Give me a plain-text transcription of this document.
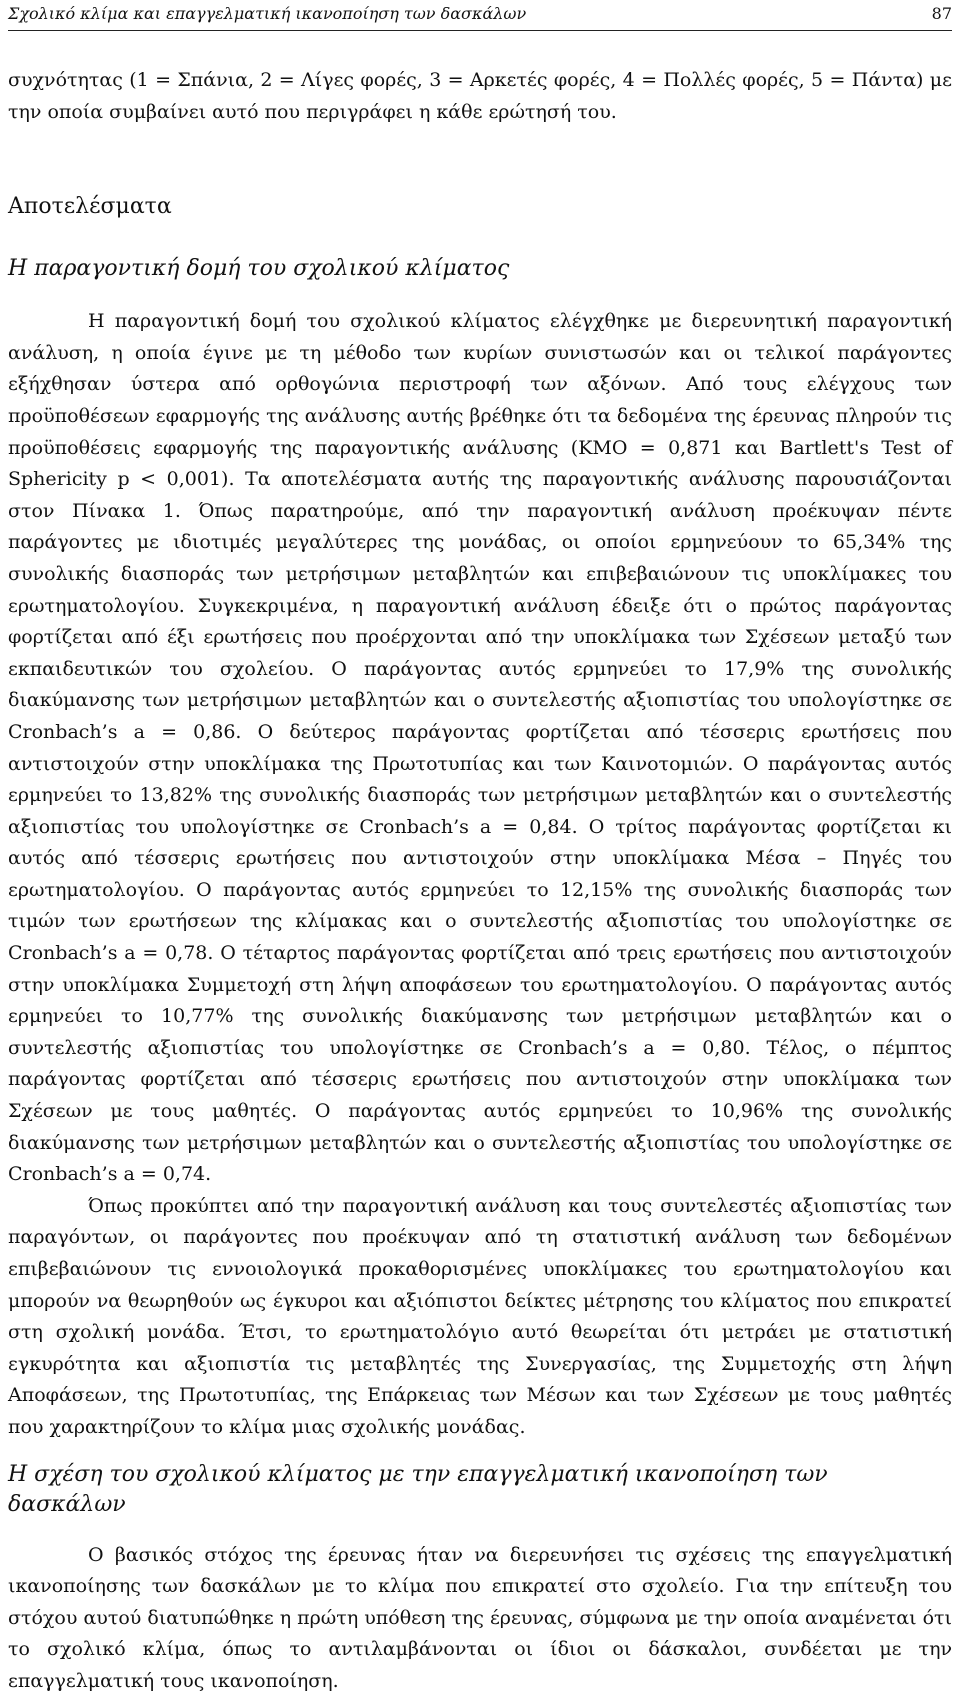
Σχολικό κλίμα και επαγγελματική ικανοποίηση των δασκάλων	87

συχνότητας (1 = Σπάνια, 2 = Λίγες φορές, 3 = Αρκετές φορές, 4 = Πολλές φορές, 5 = Πάντα) με την οποία συμβαίνει αυτό που περιγράφει η κάθε ερώτησή του.

Αποτελέσματα
Η παραγοντική δομή του σχολικού κλίματος

Η παραγοντική δομή του σχολικού κλίματος ελέγχθηκε με διερευνητική παραγοντική ανάλυση, η οποία έγινε με τη μέθοδο των κυρίων συνιστωσών και οι τελικοί παράγοντες εξήχθησαν ύστερα από ορθογώνια περιστροφή των αξόνων. Από τους ελέγχους των προϋποθέσεων εφαρμογής της ανάλυσης αυτής βρέθηκε ότι τα δεδομένα της έρευνας πληρούν τις προϋποθέσεις εφαρμογής της παραγοντικής ανάλυσης (ΚΜΟ = 0,871 και Bartlett's Test of Sphericity p < 0,001). Τα αποτελέσματα αυτής της παραγοντικής ανάλυσης παρουσιάζονται στον Πίνακα 1. Όπως παρατηρούμε, από την παραγοντική ανάλυση προέκυψαν πέντε παράγοντες με ιδιοτιμές μεγαλύτερες της μονάδας, οι οποίοι ερμηνεύουν το 65,34% της συνολικής διασποράς των μετρήσιμων μεταβλητών και επιβεβαιώνουν τις υποκλίμακες του ερωτηματολογίου. Συγκεκριμένα, η παραγοντική ανάλυση έδειξε ότι ο πρώτος παράγοντας φορτίζεται από έξι ερωτήσεις που προέρχονται από την υποκλίμακα των Σχέσεων μεταξύ των εκπαιδευτικών του σχολείου. Ο παράγοντας αυτός ερμηνεύει το 17,9% της συνολικής διακύμανσης των μετρήσιμων μεταβλητών και ο συντελεστής αξιοπιστίας του υπολογίστηκε σε Cronbach’s a = 0,86. Ο δεύτερος παράγοντας φορτίζεται από τέσσερις ερωτήσεις που αντιστοιχούν στην υποκλίμακα της Πρωτοτυπίας και των Καινοτομιών. Ο παράγοντας αυτός ερμηνεύει το 13,82% της συνολικής διασποράς των μετρήσιμων μεταβλητών και ο συντελεστής αξιοπιστίας του υπολογίστηκε σε Cronbach’s a = 0,84. Ο τρίτος παράγοντας φορτίζεται κι αυτός από τέσσερις ερωτήσεις που αντιστοιχούν στην υποκλίμακα Μέσα – Πηγές του ερωτηματολογίου. Ο παράγοντας αυτός ερμηνεύει το 12,15% της συνολικής διασποράς των τιμών των ερωτήσεων της κλίμακας και ο συντελεστής αξιοπιστίας του υπολογίστηκε σε Cronbach’s a = 0,78. Ο τέταρτος παράγοντας φορτίζεται από τρεις ερωτήσεις που αντιστοιχούν στην υποκλίμακα Συμμετοχή στη λήψη αποφάσεων του ερωτηματολογίου. Ο παράγοντας αυτός ερμηνεύει το 10,77% της συνολικής διακύμανσης των μετρήσιμων μεταβλητών και ο συντελεστής αξιοπιστίας του υπολογίστηκε σε Cronbach’s a = 0,80. Τέλος, ο πέμπτος παράγοντας φορτίζεται από τέσσερις ερωτήσεις που αντιστοιχούν στην υποκλίμακα των Σχέσεων με τους μαθητές. Ο παράγοντας αυτός ερμηνεύει το 10,96% της συνολικής διακύμανσης των μετρήσιμων μεταβλητών και ο συντελεστής αξιοπιστίας του υπολογίστηκε σε Cronbach’s a = 0,74.

Όπως προκύπτει από την παραγοντική ανάλυση και τους συντελεστές αξιοπιστίας των παραγόντων, οι παράγοντες που προέκυψαν από τη στατιστική ανάλυση των δεδομένων επιβεβαιώνουν τις εννοιολογικά προκαθορισμένες υποκλίμακες του ερωτηματολογίου και μπορούν να θεωρηθούν ως έγκυροι και αξιόπιστοι δείκτες μέτρησης του κλίματος που επικρατεί στη σχολική μονάδα. Έτσι, το ερωτηματολόγιο αυτό θεωρείται ότι μετράει με στατιστική εγκυρότητα και αξιοπιστία τις μεταβλητές της Συνεργασίας, της Συμμετοχής στη λήψη Αποφάσεων, της Πρωτοτυπίας, της Επάρκειας των Μέσων και των Σχέσεων με τους μαθητές που χαρακτηρίζουν το κλίμα μιας σχολικής μονάδας.

Η σχέση του σχολικού κλίματος με την επαγγελματική ικανοποίηση των δασκάλων

Ο βασικός στόχος της έρευνας ήταν να διερευνήσει τις σχέσεις της επαγγελματική ικανοποίησης των δασκάλων με το κλίμα που επικρατεί στο σχολείο. Για την επίτευξη του στόχου αυτού διατυπώθηκε η πρώτη υπόθεση της έρευνας, σύμφωνα με την οποία αναμένεται ότι το σχολικό κλίμα, όπως το αντιλαμβάνονται οι ίδιοι οι δάσκαλοι, συνδέεται με την επαγγελματική τους ικανοποίηση.
